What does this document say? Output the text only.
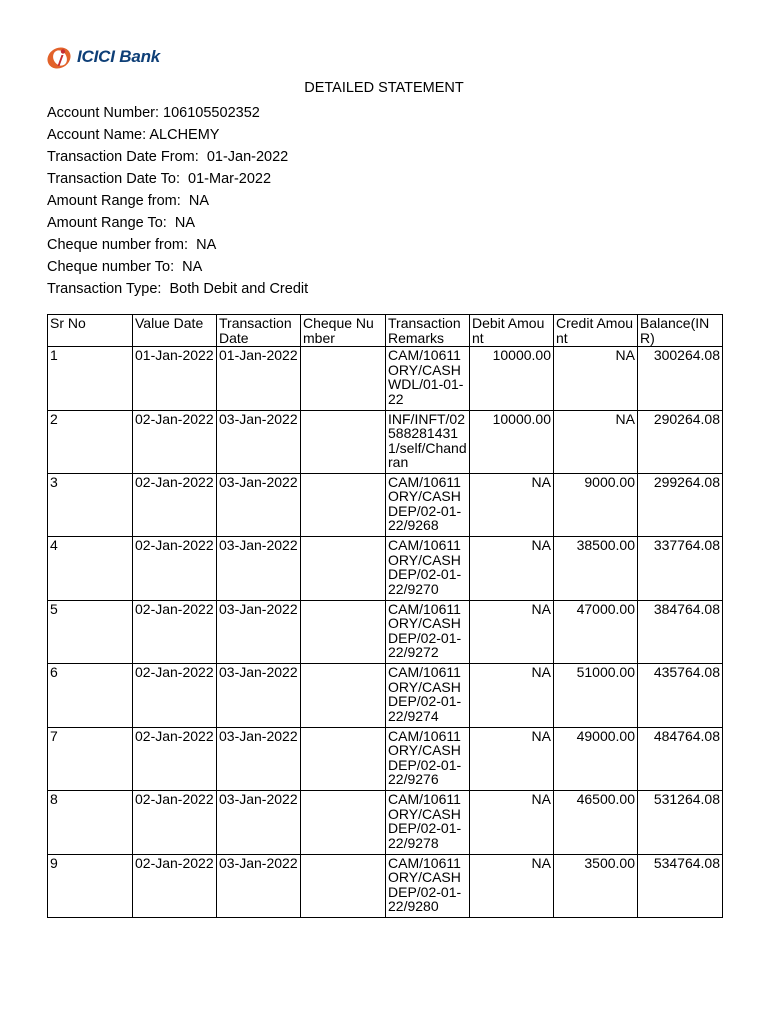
ICICI Bank
DETAILED STATEMENT
Account Number: 106105502352
Account Name: ALCHEMY
Transaction Date From:  01-Jan-2022
Transaction Date To:  01-Mar-2022
Amount Range from:  NA
Amount Range To:  NA
Cheque number from:  NA
Cheque number To:  NA
Transaction Type:  Both Debit and Credit
Sr No	Value Date	Transaction Date	Cheque Number	Transaction Remarks	Debit Amount	Credit Amount	Balance(INR)
1	01-Jan-2022	01-Jan-2022		CAM/10611ORY/CASH WDL/01-01-22	10000.00	NA	300264.08
2	02-Jan-2022	03-Jan-2022		INF/INFT/025882814311/self/Chandran	10000.00	NA	290264.08
3	02-Jan-2022	03-Jan-2022		CAM/10611ORY/CASH DEP/02-01-22/9268	NA	9000.00	299264.08
4	02-Jan-2022	03-Jan-2022		CAM/10611ORY/CASH DEP/02-01-22/9270	NA	38500.00	337764.08
5	02-Jan-2022	03-Jan-2022		CAM/10611ORY/CASH DEP/02-01-22/9272	NA	47000.00	384764.08
6	02-Jan-2022	03-Jan-2022		CAM/10611ORY/CASH DEP/02-01-22/9274	NA	51000.00	435764.08
7	02-Jan-2022	03-Jan-2022		CAM/10611ORY/CASH DEP/02-01-22/9276	NA	49000.00	484764.08
8	02-Jan-2022	03-Jan-2022		CAM/10611ORY/CASH DEP/02-01-22/9278	NA	46500.00	531264.08
9	02-Jan-2022	03-Jan-2022		CAM/10611ORY/CASH DEP/02-01-22/9280	NA	3500.00	534764.08
